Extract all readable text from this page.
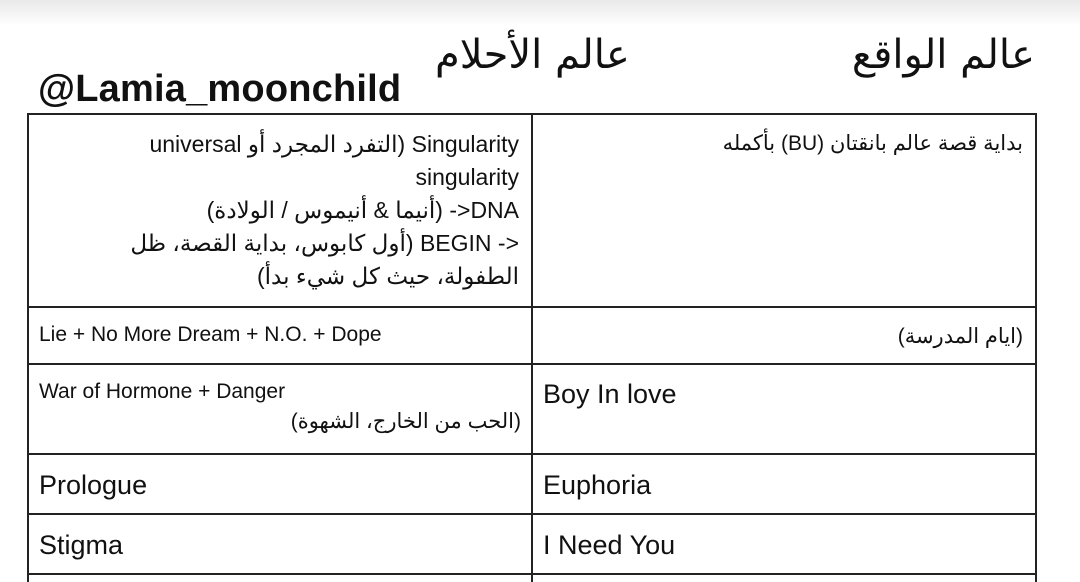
عالم الواقع
عالم الأحلام
@Lamia_moonchild
Singularity (التفرد المجرد أو universal
singularity
DNA<- (أنيما & أنيموس / الولادة)
<- BEGIN (أول كابوس، بداية القصة، ظل
الطفولة، حيث كل شيء بدأ)	بداية قصة عالم بانقتان (BU) بأكمله

Lie + No More Dream + N.O. + Dope	(ايام المدرسة)

War of Hormone + Danger
(الحب من الخارج، الشهوة)	Boy In love

Prologue	Euphoria

Stigma	I Need You
